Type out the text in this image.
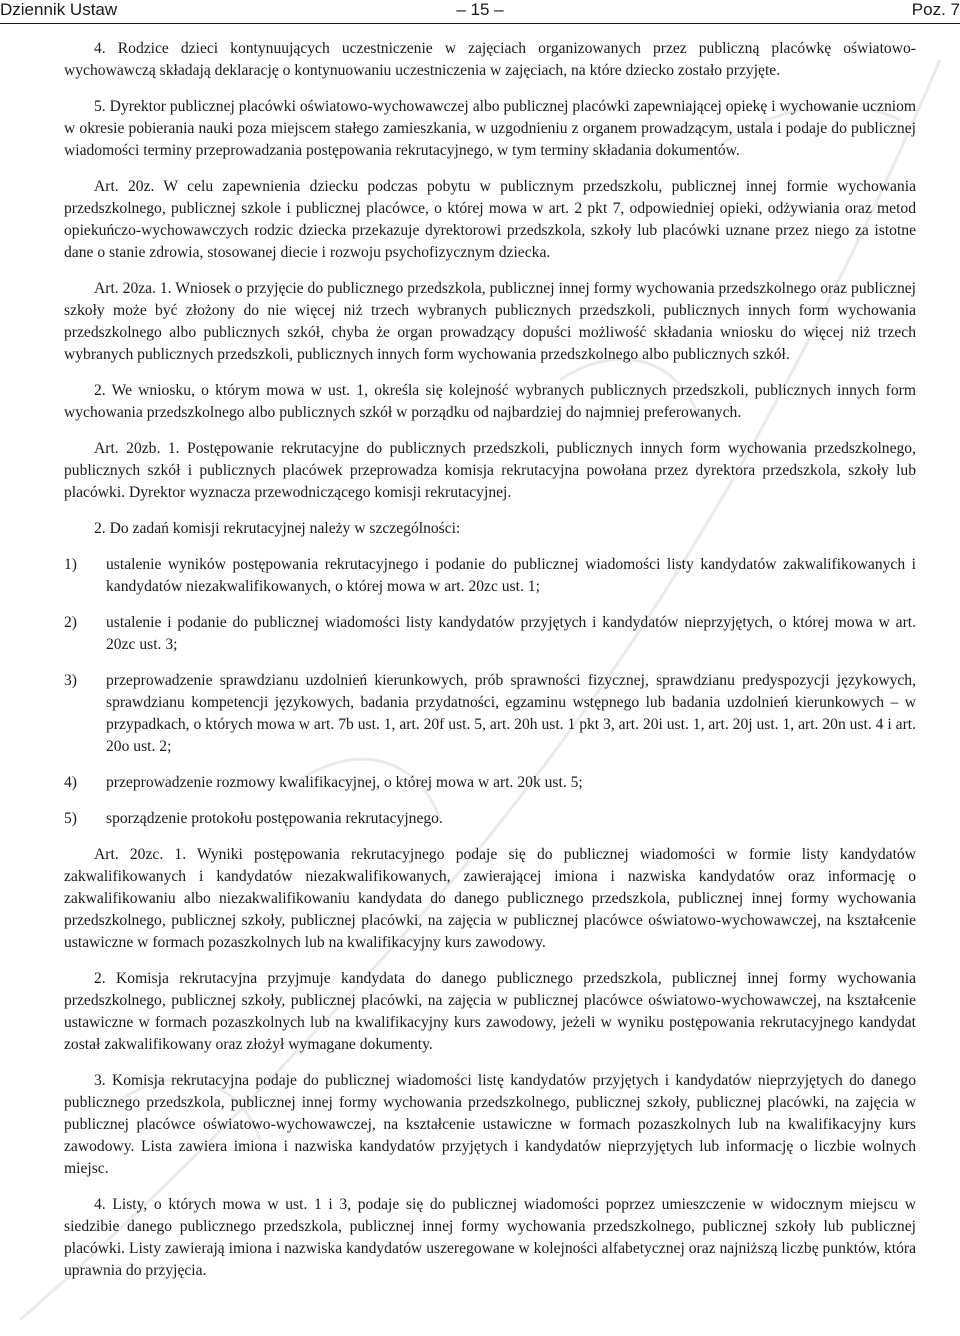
Dziennik Ustaw	– 15 –	Poz. 7

4. Rodzice dzieci kontynuujących uczestniczenie w zajęciach organizowanych przez publiczną placówkę oświatowo-wychowawczą składają deklarację o kontynuowaniu uczestniczenia w zajęciach, na które dziecko zostało przyjęte.

5. Dyrektor publicznej placówki oświatowo-wychowawczej albo publicznej placówki zapewniającej opiekę i wychowanie uczniom w okresie pobierania nauki poza miejscem stałego zamieszkania, w uzgodnieniu z organem prowadzącym, ustala i podaje do publicznej wiadomości terminy przeprowadzania postępowania rekrutacyjnego, w tym terminy składania dokumentów.

Art. 20z. W celu zapewnienia dziecku podczas pobytu w publicznym przedszkolu, publicznej innej formie wychowania przedszkolnego, publicznej szkole i publicznej placówce, o której mowa w art. 2 pkt 7, odpowiedniej opieki, odżywiania oraz metod opiekuńczo-wychowawczych rodzic dziecka przekazuje dyrektorowi przedszkola, szkoły lub placówki uznane przez niego za istotne dane o stanie zdrowia, stosowanej diecie i rozwoju psychofizycznym dziecka.

Art. 20za. 1. Wniosek o przyjęcie do publicznego przedszkola, publicznej innej formy wychowania przedszkolnego oraz publicznej szkoły może być złożony do nie więcej niż trzech wybranych publicznych przedszkoli, publicznych innych form wychowania przedszkolnego albo publicznych szkół, chyba że organ prowadzący dopuści możliwość składania wniosku do więcej niż trzech wybranych publicznych przedszkoli, publicznych innych form wychowania przedszkolnego albo publicznych szkół.

2. We wniosku, o którym mowa w ust. 1, określa się kolejność wybranych publicznych przedszkoli, publicznych innych form wychowania przedszkolnego albo publicznych szkół w porządku od najbardziej do najmniej preferowanych.

Art. 20zb. 1. Postępowanie rekrutacyjne do publicznych przedszkoli, publicznych innych form wychowania przedszkolnego, publicznych szkół i publicznych placówek przeprowadza komisja rekrutacyjna powołana przez dyrektora przedszkola, szkoły lub placówki. Dyrektor wyznacza przewodniczącego komisji rekrutacyjnej.

2. Do zadań komisji rekrutacyjnej należy w szczególności:

1) ustalenie wyników postępowania rekrutacyjnego i podanie do publicznej wiadomości listy kandydatów zakwalifikowanych i kandydatów niezakwalifikowanych, o której mowa w art. 20zc ust. 1;
2) ustalenie i podanie do publicznej wiadomości listy kandydatów przyjętych i kandydatów nieprzyjętych, o której mowa w art. 20zc ust. 3;
3) przeprowadzenie sprawdzianu uzdolnień kierunkowych, prób sprawności fizycznej, sprawdzianu predyspozycji językowych, sprawdzianu kompetencji językowych, badania przydatności, egzaminu wstępnego lub badania uzdolnień kierunkowych – w przypadkach, o których mowa w art. 7b ust. 1, art. 20f ust. 5, art. 20h ust. 1 pkt 3, art. 20i ust. 1, art. 20j ust. 1, art. 20n ust. 4 i art. 20o ust. 2;
4) przeprowadzenie rozmowy kwalifikacyjnej, o której mowa w art. 20k ust. 5;
5) sporządzenie protokołu postępowania rekrutacyjnego.

Art. 20zc. 1. Wyniki postępowania rekrutacyjnego podaje się do publicznej wiadomości w formie listy kandydatów zakwalifikowanych i kandydatów niezakwalifikowanych, zawierającej imiona i nazwiska kandydatów oraz informację o zakwalifikowaniu albo niezakwalifikowaniu kandydata do danego publicznego przedszkola, publicznej innej formy wychowania przedszkolnego, publicznej szkoły, publicznej placówki, na zajęcia w publicznej placówce oświatowo-wychowawczej, na kształcenie ustawiczne w formach pozaszkolnych lub na kwalifikacyjny kurs zawodowy.

2. Komisja rekrutacyjna przyjmuje kandydata do danego publicznego przedszkola, publicznej innej formy wychowania przedszkolnego, publicznej szkoły, publicznej placówki, na zajęcia w publicznej placówce oświatowo-wychowawczej, na kształcenie ustawiczne w formach pozaszkolnych lub na kwalifikacyjny kurs zawodowy, jeżeli w wyniku postępowania rekrutacyjnego kandydat został zakwalifikowany oraz złożył wymagane dokumenty.

3. Komisja rekrutacyjna podaje do publicznej wiadomości listę kandydatów przyjętych i kandydatów nieprzyjętych do danego publicznego przedszkola, publicznej innej formy wychowania przedszkolnego, publicznej szkoły, publicznej placówki, na zajęcia w publicznej placówce oświatowo-wychowawczej, na kształcenie ustawiczne w formach pozaszkolnych lub na kwalifikacyjny kurs zawodowy. Lista zawiera imiona i nazwiska kandydatów przyjętych i kandydatów nieprzyjętych lub informację o liczbie wolnych miejsc.

4. Listy, o których mowa w ust. 1 i 3, podaje się do publicznej wiadomości poprzez umieszczenie w widocznym miejscu w siedzibie danego publicznego przedszkola, publicznej innej formy wychowania przedszkolnego, publicznej szkoły lub publicznej placówki. Listy zawierają imiona i nazwiska kandydatów uszeregowane w kolejności alfabetycznej oraz najniższą liczbę punktów, która uprawnia do przyjęcia.
